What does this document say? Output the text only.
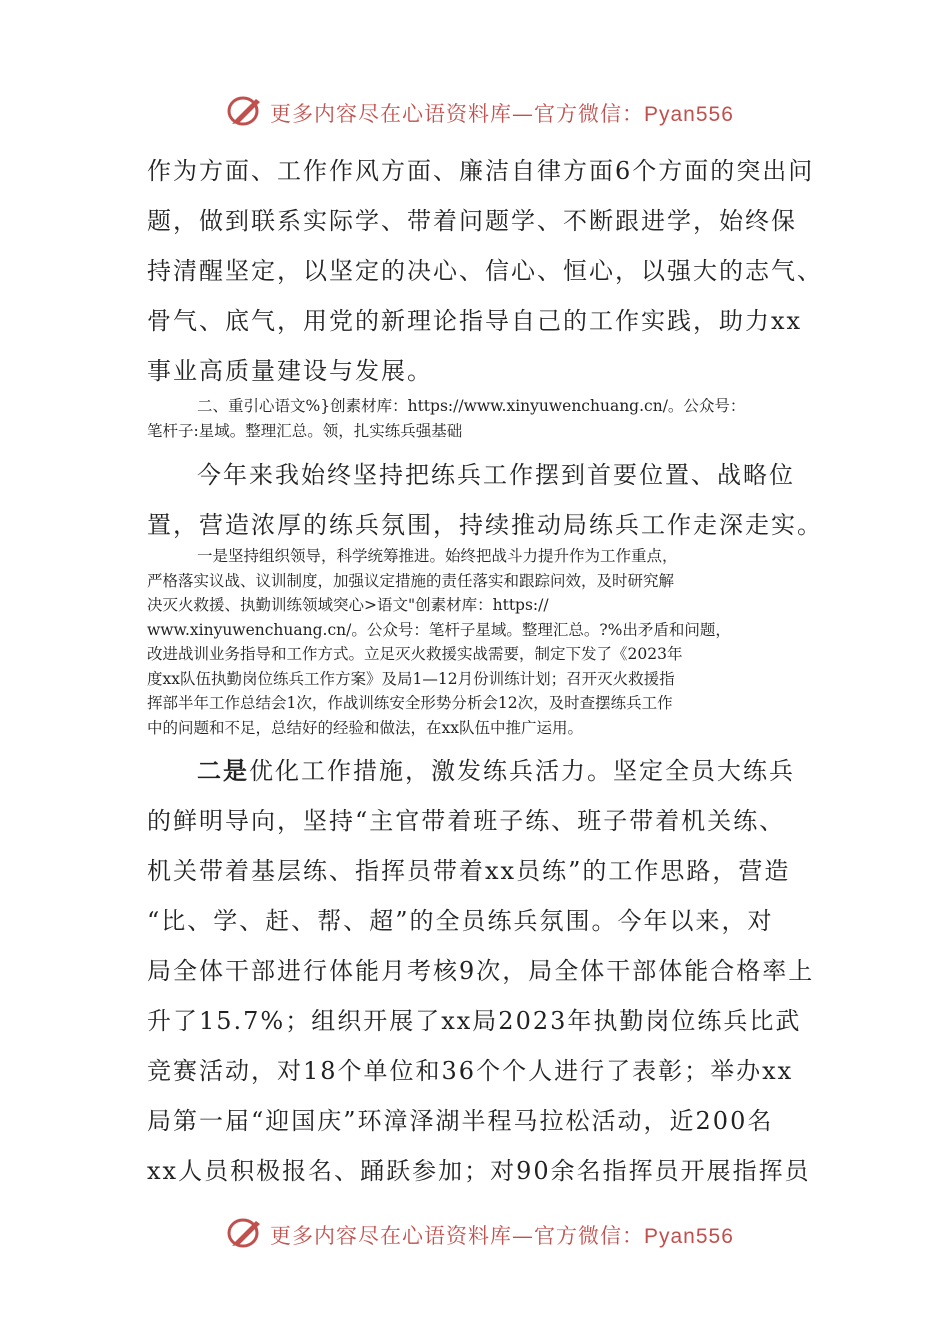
更多内容尽在心语资料库—官方微信：Pyan556

作为方面、工作作风方面、廉洁自律方面6个方面的突出问

题，做到联系实际学、带着问题学、不断跟进学，始终保

持清醒坚定，以坚定的决心、信心、恒心，以强大的志气、

骨气、底气，用党的新理论指导自己的工作实践，助力xx

事业高质量建设与发展。

二、重引心语文%}创素材库：https://www.xinyuwenchuang.cn/。公众号：

笔杆子:星域。整理汇总。领，扎实练兵强基础

今年来我始终坚持把练兵工作摆到首要位置、战略位

置，营造浓厚的练兵氛围，持续推动局练兵工作走深走实。

一是坚持组织领导，科学统筹推进。始终把战斗力提升作为工作重点，

严格落实议战、议训制度，加强议定措施的责任落实和跟踪问效，及时研究解

决灭火救援、执勤训练领域突心>语文"创素材库：https://

www.xinyuwenchuang.cn/。公众号：笔杆子星域。整理汇总。?%出矛盾和问题，

改进战训业务指导和工作方式。立足灭火救援实战需要，制定下发了《2023年

度xx队伍执勤岗位练兵工作方案》及局1—12月份训练计划；召开灭火救援指

挥部半年工作总结会1次，作战训练安全形势分析会12次，及时查摆练兵工作

中的问题和不足，总结好的经验和做法，在xx队伍中推广运用。

二是优化工作措施，激发练兵活力。坚定全员大练兵

的鲜明导向，坚持“主官带着班子练、班子带着机关练、

机关带着基层练、指挥员带着xx员练”的工作思路，营造

“比、学、赶、帮、超”的全员练兵氛围。今年以来，对

局全体干部进行体能月考核9次，局全体干部体能合格率上

升了15.7%；组织开展了xx局2023年执勤岗位练兵比武

竞赛活动，对18个单位和36个个人进行了表彰；举办xx

局第一届“迎国庆”环漳泽湖半程马拉松活动，近200名

xx人员积极报名、踊跃参加；对90余名指挥员开展指挥员

更多内容尽在心语资料库—官方微信：Pyan556
